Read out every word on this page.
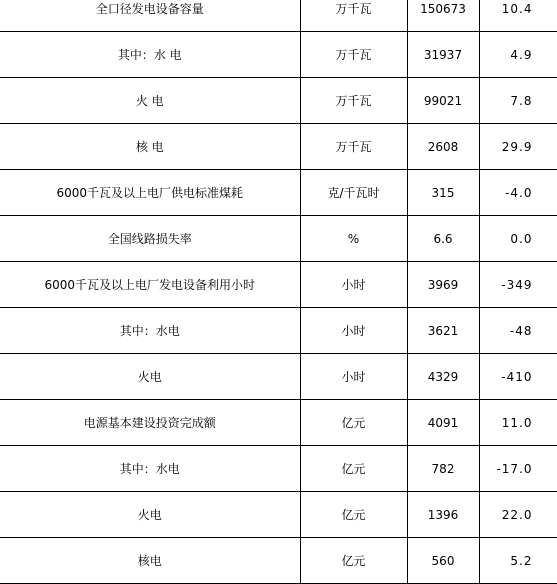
全口径发电设备容量	万千瓦	150673	10.4
其中：水 电	万千瓦	31937	4.9
火 电	万千瓦	99021	7.8
核 电	万千瓦	2608	29.9
6000千瓦及以上电厂供电标准煤耗	克/千瓦时	315	-4.0
全国线路损失率	%	6.6	0.0
6000千瓦及以上电厂发电设备利用小时	小时	3969	-349
其中：水电	小时	3621	-48
火电	小时	4329	-410
电源基本建设投资完成额	亿元	4091	11.0
其中：水电	亿元	782	-17.0
火电	亿元	1396	22.0
核电	亿元	560	5.2
